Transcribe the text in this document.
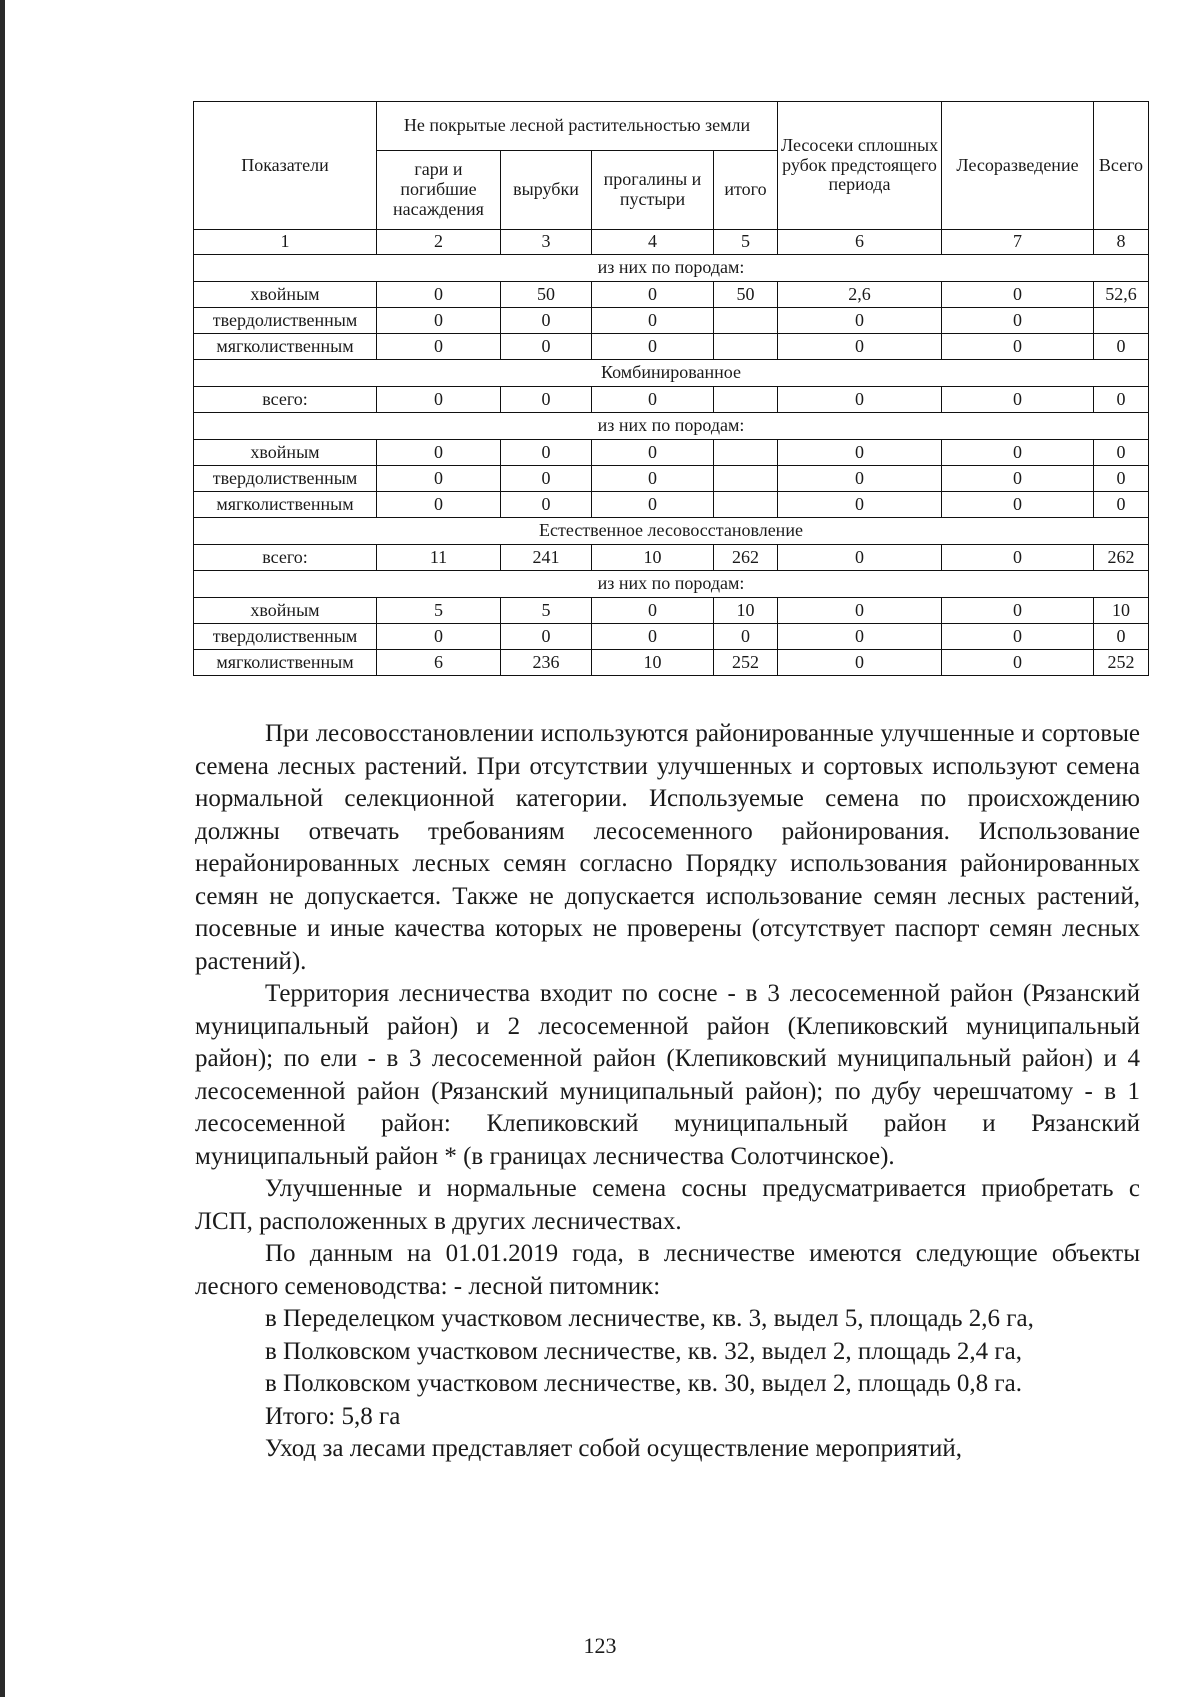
Показатели	Не покрытые лесной растительностью земли				Лесосеки сплошных рубок предстоящего периода	Лесоразведение	Всего
	гари и погибшие насаждения	вырубки	прогалины и пустыри	итого			
1	2	3	4	5	6	7	8
из них по породам:							
хвойным	0	50	0	50	2,6	0	52,6
твердолиственным	0	0	0		0	0	
мягколиственным	0	0	0		0	0	0
Комбинированное							
всего:	0	0	0		0	0	0
из них по породам:							
хвойным	0	0	0		0	0	0
твердолиственным	0	0	0		0	0	0
мягколиственным	0	0	0		0	0	0
Естественное лесовосстановление							
всего:	11	241	10	262	0	0	262
из них по породам:							
хвойным	5	5	0	10	0	0	10
твердолиственным	0	0	0	0	0	0	0
мягколиственным	6	236	10	252	0	0	252

При лесовосстановлении используются районированные улучшенные и сортовые семена лесных растений. При отсутствии улучшенных и сортовых используют семена нормальной селекционной категории. Используемые семена по происхождению должны отвечать требованиям лесосеменного районирования. Использование нерайонированных лесных семян согласно Порядку использования районированных семян не допускается. Также не допускается использование семян лесных растений, посевные и иные качества которых не проверены (отсутствует паспорт семян лесных растений).

Территория лесничества входит по сосне - в 3 лесосеменной район (Рязанский муниципальный район) и 2 лесосеменной район (Клепиковский муниципальный район); по ели - в 3 лесосеменной район (Клепиковский муниципальный район) и 4 лесосеменной район (Рязанский муниципальный район); по дубу черешчатому - в 1 лесосеменной район: Клепиковский муниципальный район и Рязанский муниципальный район * (в границах лесничества Солотчинское).

Улучшенные и нормальные семена сосны предусматривается приобретать с ЛСП, расположенных в других лесничествах.

По данным на 01.01.2019 года, в лесничестве имеются следующие объекты лесного семеноводства: - лесной питомник:

в Переделецком участковом лесничестве, кв. 3, выдел 5, площадь 2,6 га,

в Полковском участковом лесничестве, кв. 32, выдел 2, площадь 2,4 га,

в Полковском участковом лесничестве, кв. 30, выдел 2, площадь 0,8 га.

Итого: 5,8 га

Уход за лесами представляет собой осуществление мероприятий,

123
